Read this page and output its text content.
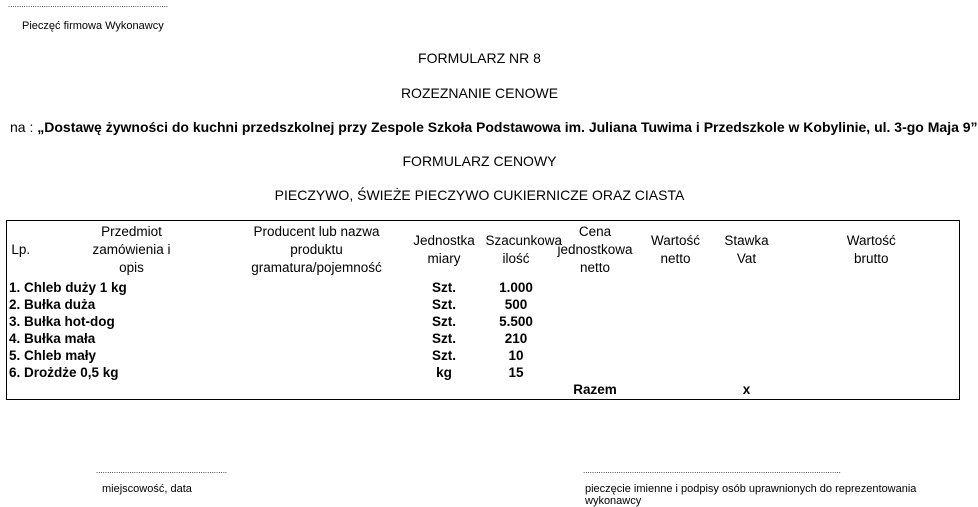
........................................................................
Pieczęć firmowa Wykonawcy
FORMULARZ NR 8
ROZEZNANIE CENOWE
na : „Dostawę żywności do kuchni przedszkolnej przy Zespole Szkoła Podstawowa im. Juliana Tuwima i Przedszkole w Kobylinie, ul. 3-go Maja 9”
FORMULARZ CENOWY
PIECZYWO, ŚWIEŻE PIECZYWO CUKIERNICZE ORAZ CIASTA
Lp.	Przedmiot zamówienia i opis	Producent lub nazwa produktu gramatura/pojemność	Jednostka miary	Szacunkowa ilość	Cena jednostkowa netto	Wartość netto	Stawka Vat	Wartość brutto
1. Chleb duży 1 kg			Szt.	1.000				
2. Bułka duża			Szt.	500				
3. Bułka hot-dog			Szt.	5.500				
4. Bułka mała			Szt.	210				
5. Chleb mały			Szt.	10				
6. Drożdże 0,5 kg			kg	15				
					Razem		x	
...........................................................
miejscowość, data
....................................................................................................................
pieczęcie imienne i podpisy osób uprawnionych do reprezentowania wykonawcy
